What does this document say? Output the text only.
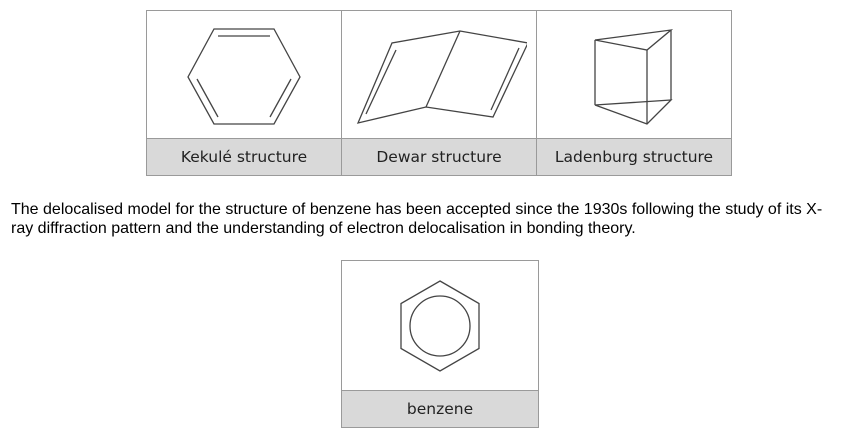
Kekulé structure	Dewar structure	Ladenburg structure

The delocalised model for the structure of benzene has been accepted since the 1930s following the study of its X-ray diffraction pattern and the understanding of electron delocalisation in bonding theory.

benzene
